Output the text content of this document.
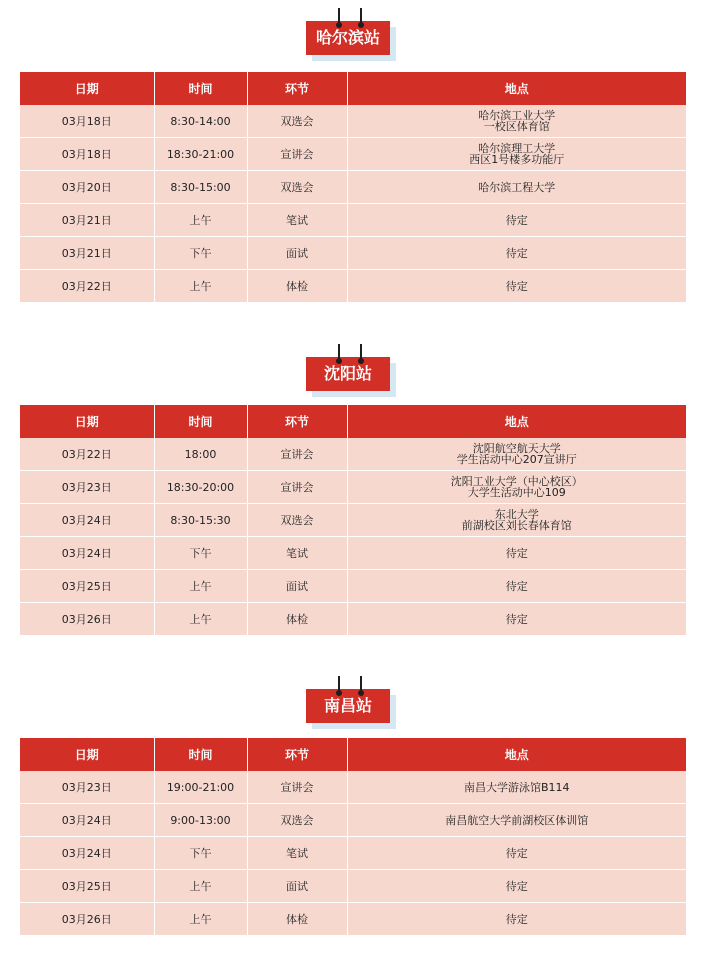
哈尔滨站
日期	时间	环节	地点
03月18日	8:30-14:00	双选会	哈尔滨工业大学
一校区体育馆

03月18日	18:30-21:00	宣讲会	哈尔滨理工大学
西区1号楼多功能厅

03月20日	8:30-15:00	双选会	哈尔滨工程大学

03月21日	上午	笔试	待定

03月21日	下午	面试	待定

03月22日	上午	体检	待定
沈阳站
日期	时间	环节	地点
03月22日	18:00	宣讲会	沈阳航空航天大学
学生活动中心207宣讲厅

03月23日	18:30-20:00	宣讲会	沈阳工业大学（中心校区）
大学生活动中心109

03月24日	8:30-15:30	双选会	东北大学
前湖校区刘长春体育馆

03月24日	下午	笔试	待定

03月25日	上午	面试	待定

03月26日	上午	体检	待定
南昌站
日期	时间	环节	地点
03月23日	19:00-21:00	宣讲会	南昌大学游泳馆B114

03月24日	9:00-13:00	双选会	南昌航空大学前湖校区体训馆

03月24日	下午	笔试	待定

03月25日	上午	面试	待定

03月26日	上午	体检	待定
